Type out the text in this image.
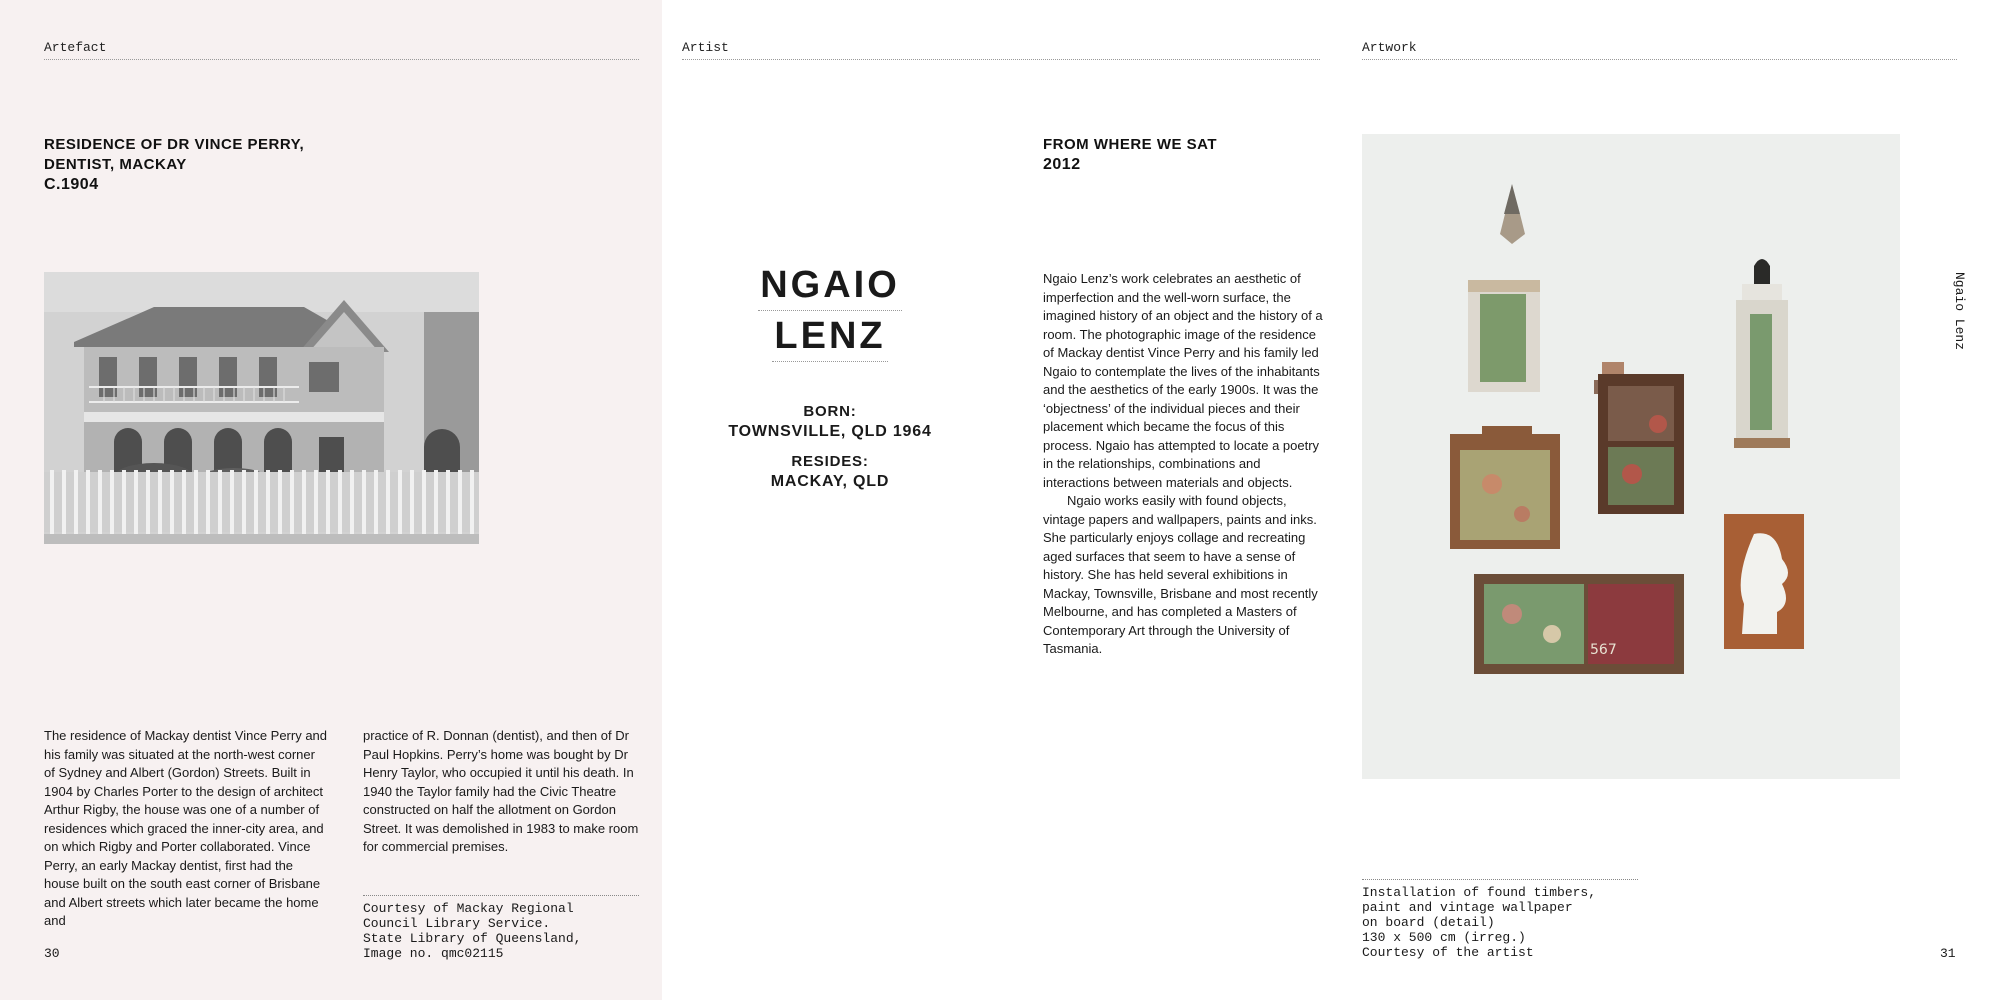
Artefact
RESIDENCE OF DR VINCE PERRY,
DENTIST, MACKAY
C.1904
The residence of Mackay dentist Vince Perry and his family was situated at the north-west corner of Sydney and Albert (Gordon) Streets. Built in 1904 by Charles Porter to the design of architect Arthur Rigby, the house was one of a number of residences which graced the inner-city area, and on which Rigby and Porter collaborated. Vince Perry, an early Mackay dentist, first had the house built on the south east corner of Brisbane and Albert streets which later became the home and
practice of R. Donnan (dentist), and then of Dr Paul Hopkins. Perry’s home was bought by Dr Henry Taylor, who occupied it until his death. In 1940 the Taylor family had the Civic Theatre constructed on half the allotment on Gordon Street. It was demolished in 1983 to make room for commercial premises.
Courtesy of Mackay Regional
Council Library Service.
State Library of Queensland,
Image no. qmc02115
30
Artist
NGAIO
LENZ
BORN:
TOWNSVILLE, QLD 1964
RESIDES:
MACKAY, QLD
FROM WHERE WE SAT
2012

Ngaio Lenz’s work celebrates an aesthetic of imperfection and the well-worn surface, the imagined history of an object and the history of a room. The photographic image of the residence of Mackay dentist Vince Perry and his family led Ngaio to contemplate the lives of the inhabitants and the aesthetics of the early 1900s. It was the ‘objectness’ of the individual pieces and their placement which became the focus of this process. Ngaio has attempted to locate a poetry in the relationships, combinations and interactions between materials and objects.

Ngaio works easily with found objects, vintage papers and wallpapers, paints and inks. She particularly enjoys collage and recreating aged surfaces that seem to have a sense of history. She has held several exhibitions in Mackay, Townsville, Brisbane and most recently Melbourne, and has completed a Masters of Contemporary Art through the University of Tasmania.

Artwork
567
Ngaio Lenz
Installation of found timbers,
paint and vintage wallpaper
on board (detail)
130 x 500 cm (irreg.)
Courtesy of the artist	31
